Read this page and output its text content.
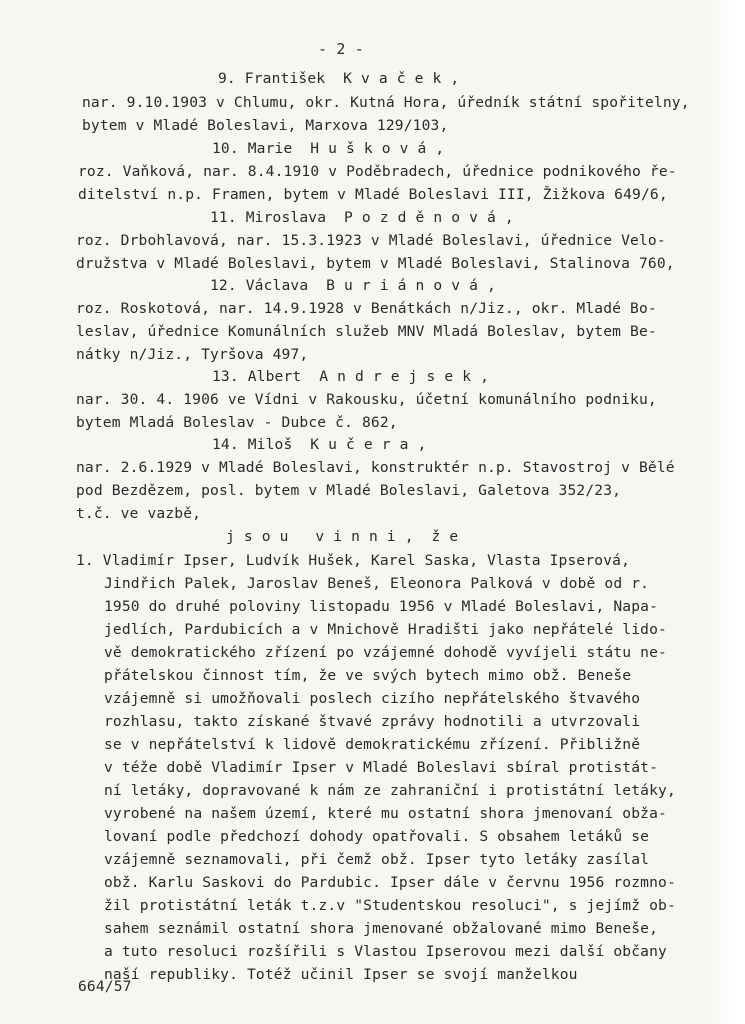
- 2 -
9. František  K v a č e k ,
nar. 9.10.1903 v Chlumu, okr. Kutná Hora, úředník státní spořitelny,
bytem v Mladé Boleslavi, Marxova 129/103,
10. Marie  H u š k o v á ,
roz. Vaňková, nar. 8.4.1910 v Poděbradech, úřednice podnikového ře-
ditelství n.p. Framen, bytem v Mladé Boleslavi III, Žižkova 649/6,
11. Miroslava  P o z d ě n o v á ,
roz. Drbohlavová, nar. 15.3.1923 v Mladé Boleslavi, úřednice Velo-
družstva v Mladé Boleslavi, bytem v Mladé Boleslavi, Stalinova 760,
12. Václava  B u r i á n o v á ,
roz. Roskotová, nar. 14.9.1928 v Benátkách n/Jiz., okr. Mladé Bo-
leslav, úřednice Komunálních služeb MNV Mladá Boleslav, bytem Be-
nátky n/Jiz., Tyršova 497,
13. Albert  A n d r e j s e k ,
nar. 30. 4. 1906 ve Vídni v Rakousku, účetní komunálního podniku,
bytem Mladá Boleslav - Dubce č. 862,
14. Miloš  K u č e r a ,
nar. 2.6.1929 v Mladé Boleslavi, konstruktér n.p. Stavostroj v Bělé
pod Bezdězem, posl. bytem v Mladé Boleslavi, Galetova 352/23,
t.č. ve vazbě,
j s o u   v i n n i ,  ž e
1. Vladimír Ipser, Ludvík Hušek, Karel Saska, Vlasta Ipserová,
Jindřich Palek, Jaroslav Beneš, Eleonora Palková v době od r.
1950 do druhé poloviny listopadu 1956 v Mladé Boleslavi, Napa-
jedlích, Pardubicích a v Mnichově Hradišti jako nepřátelé lido-
vě demokratického zřízení po vzájemné dohodě vyvíjeli státu ne-
přátelskou činnost tím, že ve svých bytech mimo obž. Beneše
vzájemně si umožňovali poslech cizího nepřátelského štvavého
rozhlasu, takto získané štvavé zprávy hodnotili a utvrzovali
se v nepřátelství k lidově demokratickému zřízení. Přibližně
v téže době Vladimír Ipser v Mladé Boleslavi sbíral protistát-
ní letáky, dopravované k nám ze zahraniční i protistátní letáky,
vyrobené na našem území, které mu ostatní shora jmenovaní obža-
lovaní podle předchozí dohody opatřovali. S obsahem letáků se
vzájemně seznamovali, při čemž obž. Ipser tyto letáky zasílal
obž. Karlu Saskovi do Pardubic. Ipser dále v červnu 1956 rozmno-
žil protistátní leták t.z.v "Studentskou resoluci", s jejímž ob-
sahem seznámil ostatní shora jmenované obžalované mimo Beneše,
a tuto resoluci rozšířili s Vlastou Ipserovou mezi další občany
naší republiky. Totéž učinil Ipser se svojí manželkou
664/57
